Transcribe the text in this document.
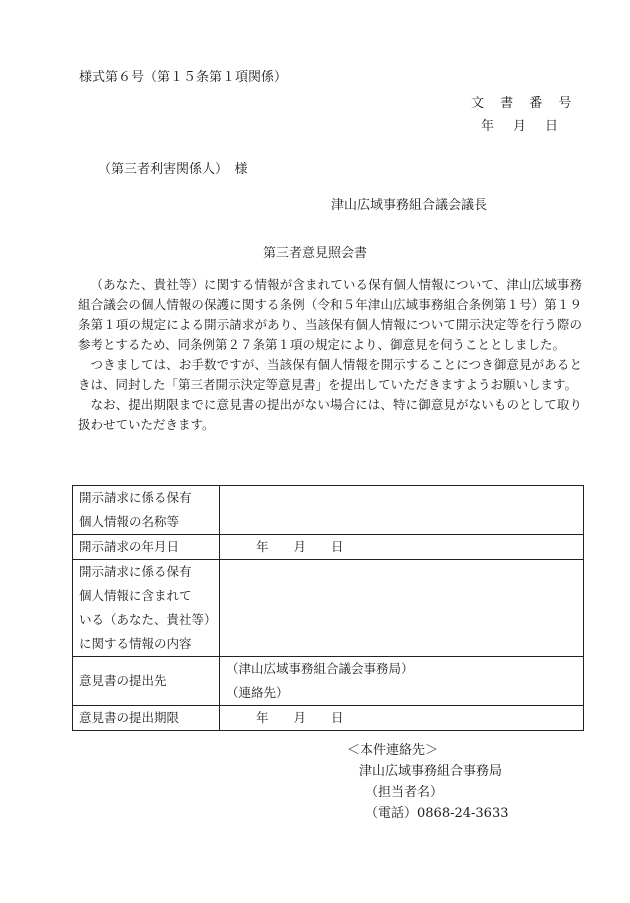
様式第６号（第１５条第１項関係）
文 書 番 号
年　月　日
（第三者利害関係人）　様
津山広域事務組合議会議長
第三者意見照会書

（あなた、貴社等）に関する情報が含まれている保有個人情報について、津山広域事務組合議会の個人情報の保護に関する条例（令和５年津山広域事務組合条例第１号）第１９条第１項の規定による開示請求があり、当該保有個人情報について開示決定等を行う際の参考とするため、同条例第２７条第１項の規定により、御意見を伺うこととしました。

つきましては、お手数ですが、当該保有個人情報を開示することにつき御意見があるときは、同封した「第三者開示決定等意見書」を提出していただきますようお願いします。

なお、提出期限までに意見書の提出がない場合には、特に御意見がないものとして取り扱わせていただきます。

開示請求に係る保有
個人情報の名称等	

開示請求の年月日	年　　月　　日

開示請求に係る保有
個人情報に含まれて
いる（あなた、貴社等）
に関する情報の内容	

意見書の提出先	（津山広域事務組合議会事務局）
（連絡先）

意見書の提出期限	年　　月　　日
＜本件連絡先＞
津山広域事務組合事務局
（担当者名）
（電話）0868-24-3633
